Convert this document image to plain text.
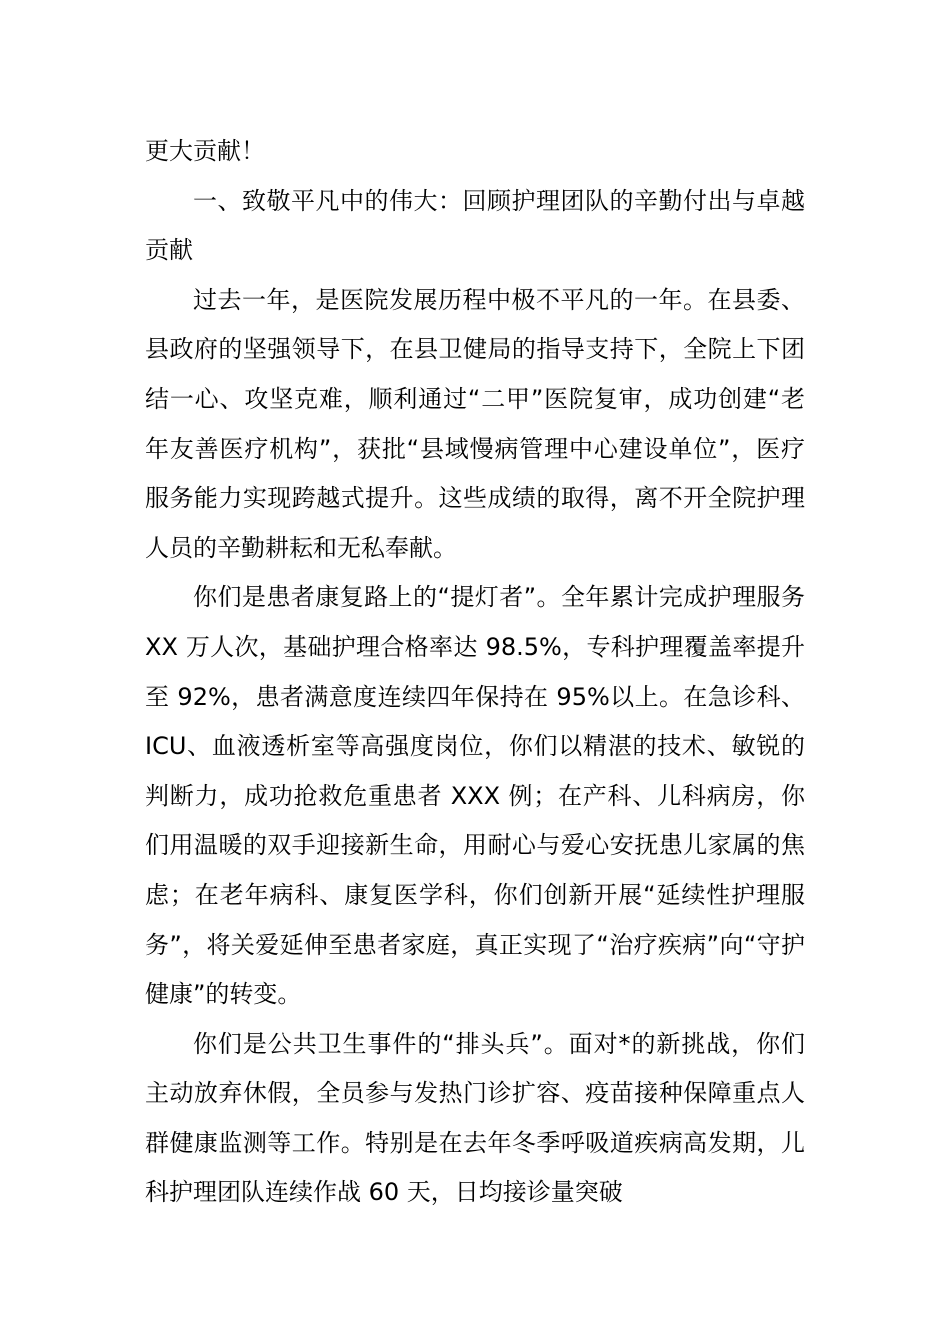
更大贡献！

一、致敬平凡中的伟大：回顾护理团队的辛勤付出与卓越贡献

过去一年，是医院发展历程中极不平凡的一年。在县委、县政府的坚强领导下，在县卫健局的指导支持下，全院上下团结一心、攻坚克难，顺利通过“二甲”医院复审，成功创建“老年友善医疗机构”，获批“县域慢病管理中心建设单位”，医疗服务能力实现跨越式提升。这些成绩的取得，离不开全院护理人员的辛勤耕耘和无私奉献。

你们是患者康复路上的“提灯者”。全年累计完成护理服务 XX 万人次，基础护理合格率达 98.5%，专科护理覆盖率提升至 92%，患者满意度连续四年保持在 95%以上。在急诊科、ICU、血液透析室等高强度岗位，你们以精湛的技术、敏锐的判断力，成功抢救危重患者 XXX 例；在产科、儿科病房，你们用温暖的双手迎接新生命，用耐心与爱心安抚患儿家属的焦虑；在老年病科、康复医学科，你们创新开展“延续性护理服务”，将关爱延伸至患者家庭，真正实现了“治疗疾病”向“守护健康”的转变。

你们是公共卫生事件的“排头兵”。面对*的新挑战，你们主动放弃休假，全员参与发热门诊扩容、疫苗接种保障重点人群健康监测等工作。特别是在去年冬季呼吸道疾病高发期，儿科护理团队连续作战 60 天，日均接诊量突破
